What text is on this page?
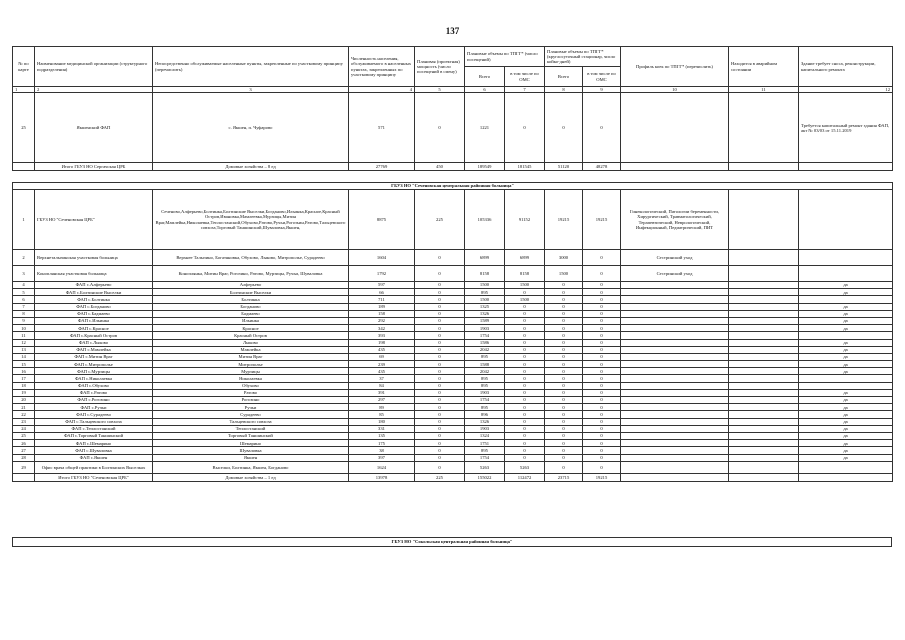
137
№ по карте	Наименование медицинской организации (структурного подразделения)	Непосредственно обслуживаемые населенные пункты, закрепленные по участковому принципу (перечислить)	Численность населения, обслуживаемого в населенных пунктах, закрепленных по участковому принципу	Плановая (проектная) мощность (число посещений в смену)	Плановые объемы по ТПГГ* (число посещений)		Плановые объемы по ТПГГ* (круглосуточный стационар, число койко-дней)		Профиль коек по ТПГГ* (перечислить)	Находится в аварийном состоянии	Здание требует сноса, реконструкции, капитального ремонта
					Всего	в том числе по ОМС	Всего	в том числе по ОМС			
1	2	3	4	5	6	7	8	9	10	11	12
25	Якшенский ФАП	с. Якшен, п. Чуфарово	571	0	1221	0	0	0			Требуется капитальный ремонт здания ФАП, акт № 03/03 от 15.11.2019
	Итого ГБУЗ НО Сергачская ЦРБ	Домовые хозяйства – 8 ед	27769	450	189549	181545	51120	48278			
ГБУЗ НО "Сеченовская центральная районная больница"											
1	ГБУЗ НО "Сеченовская ЦРБ"	Сеченово,Алферьево,Болтинка,Болтинские Выселки,Богданово,Ильинка,Красное,Красный Остров,Ивановка,Мамлеевка,Мурзицы,Митин Враг,Мамлейка,Николаевка,Теплостанский,Обухово,Ратово,Ручьи,Рогозьин,Ратово,Тальцевского совхоза,Торговый Таншинский,Шуваловка,Якшен,	8875	225	105336	91152	19215	19215	Гинекологический, Патологии беременности, Хирургический, Травматологический, Терапевтический, Неврологический, Инфекционный, Педиатрический, ПИТ		
2	Верхнеталызинская участковая больница	Верхнее Талызино, Богатяновка, Обухово, Лыково, Митрополье, Сурадеево	1604	0	6899	6899	3000	0	Сестринский уход		
3	Коноплянская участковая больница	Коноплянка, Митин Враг, Рогозино, Ратово, Мурзицы, Ручьи, Шуваловка	1792	0	8158	8158	1500	0	Сестринский уход		
4	ФАП с.Алферьево	Алферьево	597	0	1500	1500	0	0			да
5	ФАП с.Болтинские Выселки	Болтинские Выселки	66	0	895	0	0	0			да
6	ФАП с.Болтинка	Болтинка	711	0	1500	1500	0	0			
7	ФАП с.Богданово	Богданово	189	0	1325	0	0	0			да
8	ФАП с.Бадмаево	Бадмаево	158	0	1326	0	0	0			да
9	ФАП с.Ильинка	Ильинка	292	0	1589	0	0	0			да
10	ФАП с.Красное	Красное	342	0	1903	0	0	0			да
11	ФАП с.Красный Остров	Красный Остров	393	0	1754	0	0	0			
12	ФАП с.Лыково	Лыково	198	0	1586	0	0	0			да
13	ФАП с.Мамлейка	Мамлейка	435	0	2042	0	0	0			да
14	ФАП с.Митин Враг	Митин Враг	69	0	895	0	0	0			да
15	ФАП с.Митрополье	Митрополье	239	0	1588	0	0	0			да
16	ФАП с.Мурзицы	Мурзицы	435	0	2042	0	0	0			да
17	ФАП с.Николаевка	Николаевка	37	0	895	0	0	0			
18	ФАП с.Обухово	Обухово	84	0	895	0	0	0			
19	ФАП с.Ратово	Ратово	391	0	1903	0	0	0			да
20	ФАП с.Рогозино	Рогозино	297	0	1754	0	0	0			да
21	ФАП с.Ручьи	Ручьи	89	0	895	0	0	0			да
22	ФАП с.Сурадеево	Сурадеево	85	0	896	0	0	0			да
23	ФАП с.Тальцевского совхоза	Тальцевского совхоза	180	0	1326	0	0	0			да
24	ФАП с.Теплостанский	Теплостанский	331	0	1903	0	0	0			да
25	ФАП с.Торговый Таншинский	Торговый Таншинский	135	0	1324	0	0	0			да
26	ФАП с.Шемарино	Шемарино	175	0	1751	0	0	0			да
27	ФАП с.Шуваловка	Шуваловка	38	0	895	0	0	0			да
28	ФАП с.Якшен	Якшен	397	0	1754	0	0	0			да
29	Офис врача общей практики в Болтинских Выселках	Выселки, Болтинка, Якшен, Богданово	1624	0	5263	5263	0	0			
	Итого ГБУЗ НО "Сеченовская ЦРБ"	Домовые хозяйства – 1 ед	13978	225	155022	112472	23715	19215			
ГБУЗ НО "Сокольская центральная районная больница"
